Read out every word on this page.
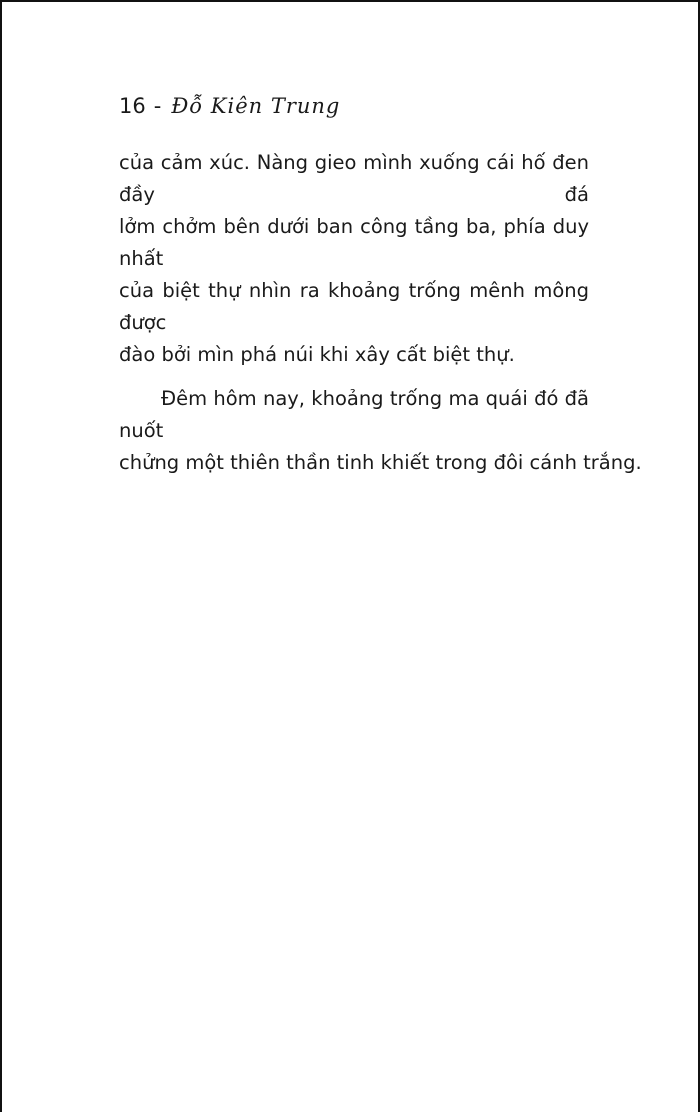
16 - Đỗ Kiên Trung

của cảm xúc. Nàng gieo mình xuống cái hố đen đầy đá
lởm chởm bên dưới ban công tầng ba, phía duy nhất
của biệt thự nhìn ra khoảng trống mênh mông được
đào bởi mìn phá núi khi xây cất biệt thự.

Đêm hôm nay, khoảng trống ma quái đó đã nuốt
chửng một thiên thần tinh khiết trong đôi cánh trắng.
